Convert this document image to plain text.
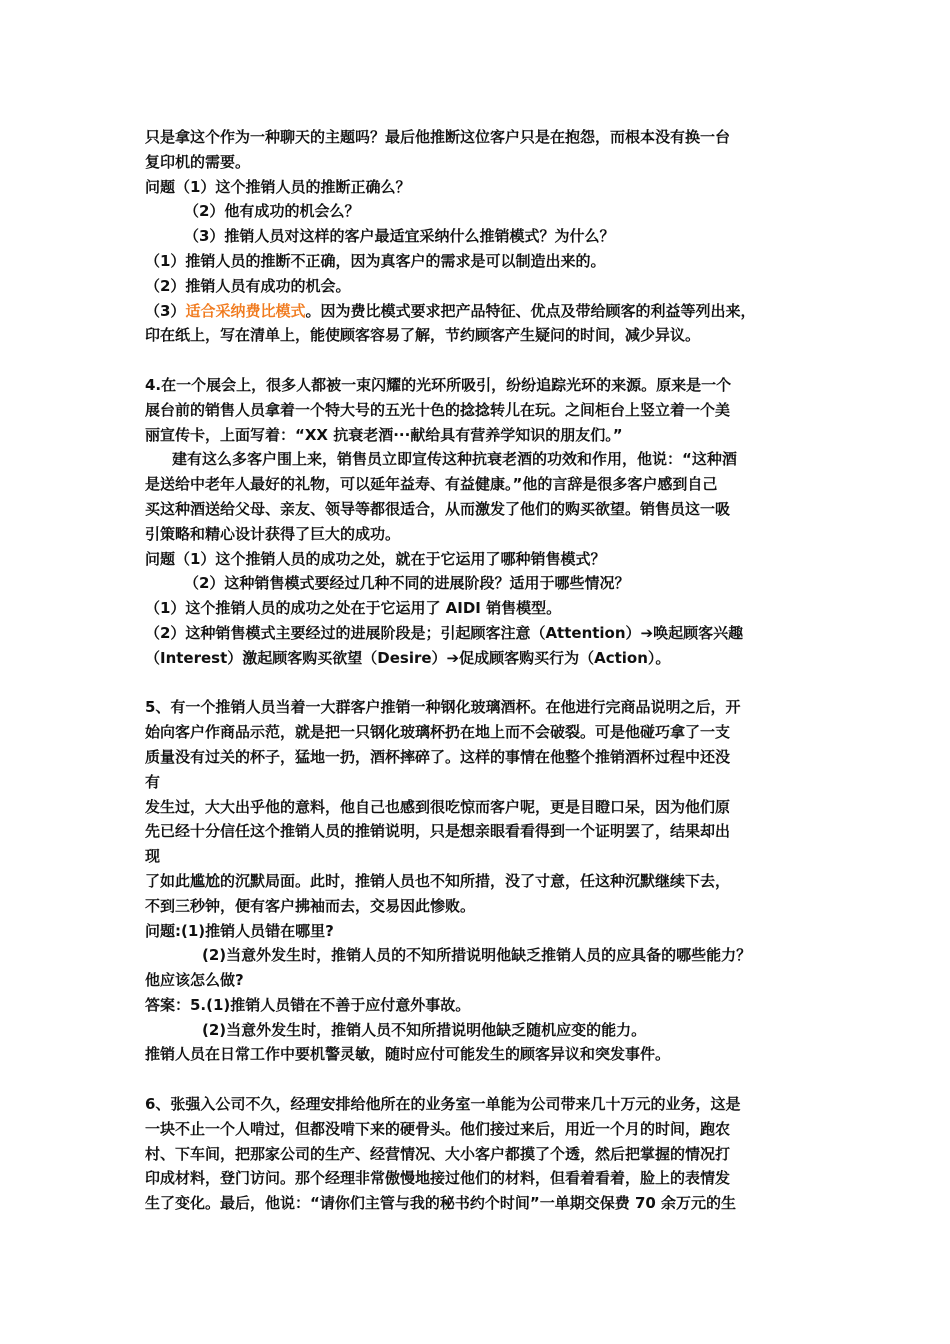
只是拿这个作为一种聊天的主题吗？最后他推断这位客户只是在抱怨，而根本没有换一台
复印机的需要。
问题（1）这个推销人员的推断正确么？
（2）他有成功的机会么？
（3）推销人员对这样的客户最适宜采纳什么推销模式？为什么？
（1）推销人员的推断不正确，因为真客户的需求是可以制造出来的。
（2）推销人员有成功的机会。
（3）适合采纳费比模式。因为费比模式要求把产品特征、优点及带给顾客的利益等列出来，
印在纸上，写在清单上，能使顾客容易了解，节约顾客产生疑问的时间，减少异议。
4.在一个展会上，很多人都被一束闪耀的光环所吸引，纷纷追踪光环的来源。原来是一个
展台前的销售人员拿着一个特大号的五光十色的捻捻转儿在玩。之间柜台上竖立着一个美
丽宣传卡，上面写着：“XX 抗衰老酒···献给具有营养学知识的朋友们。”
建有这么多客户围上来，销售员立即宣传这种抗衰老酒的功效和作用，他说：“这种酒
是送给中老年人最好的礼物，可以延年益寿、有益健康。”他的言辞是很多客户感到自己
买这种酒送给父母、亲友、领导等都很适合，从而激发了他们的购买欲望。销售员这一吸
引策略和精心设计获得了巨大的成功。
问题（1）这个推销人员的成功之处，就在于它运用了哪种销售模式？
（2）这种销售模式要经过几种不同的进展阶段？适用于哪些情况？
（1）这个推销人员的成功之处在于它运用了 AIDI 销售模型。
（2）这种销售模式主要经过的进展阶段是；引起顾客注意（Attention）➔唤起顾客兴趣
（Interest）激起顾客购买欲望（Desire）➔促成顾客购买行为（Action）。
5、有一个推销人员当着一大群客户推销一种钢化玻璃酒杯。在他进行完商品说明之后，开
始向客户作商品示范，就是把一只钢化玻璃杯扔在地上而不会破裂。可是他碰巧拿了一支
质量没有过关的杯子，猛地一扔，酒杯摔碎了。这样的事情在他整个推销酒杯过程中还没
有
发生过，大大出乎他的意料，他自己也感到很吃惊而客户呢，更是目瞪口呆，因为他们原
先已经十分信任这个推销人员的推销说明，只是想亲眼看看得到一个证明罢了，结果却出
现
了如此尴尬的沉默局面。此时，推销人员也不知所措，没了寸意，任这种沉默继续下去，
不到三秒钟，便有客户拂袖而去，交易因此惨败。
问题:(1)推销人员错在哪里?
(2)当意外发生时，推销人员的不知所措说明他缺乏推销人员的应具备的哪些能力？
他应该怎么做?
答案：5.(1)推销人员错在不善于应付意外事故。
(2)当意外发生时，推销人员不知所措说明他缺乏随机应变的能力。
推销人员在日常工作中要机警灵敏，随时应付可能发生的顾客异议和突发事件。
6、张强入公司不久，经理安排给他所在的业务室一单能为公司带来几十万元的业务，这是
一块不止一个人啃过，但都没啃下来的硬骨头。他们接过来后，用近一个月的时间，跑农
村、下车间，把那家公司的生产、经营情况、大小客户都摸了个透，然后把掌握的情况打
印成材料，登门访问。那个经理非常傲慢地接过他们的材料，但看着看着，脸上的表情发
生了变化。最后，他说：“请你们主管与我的秘书约个时间”一单期交保费 70 余万元的生
